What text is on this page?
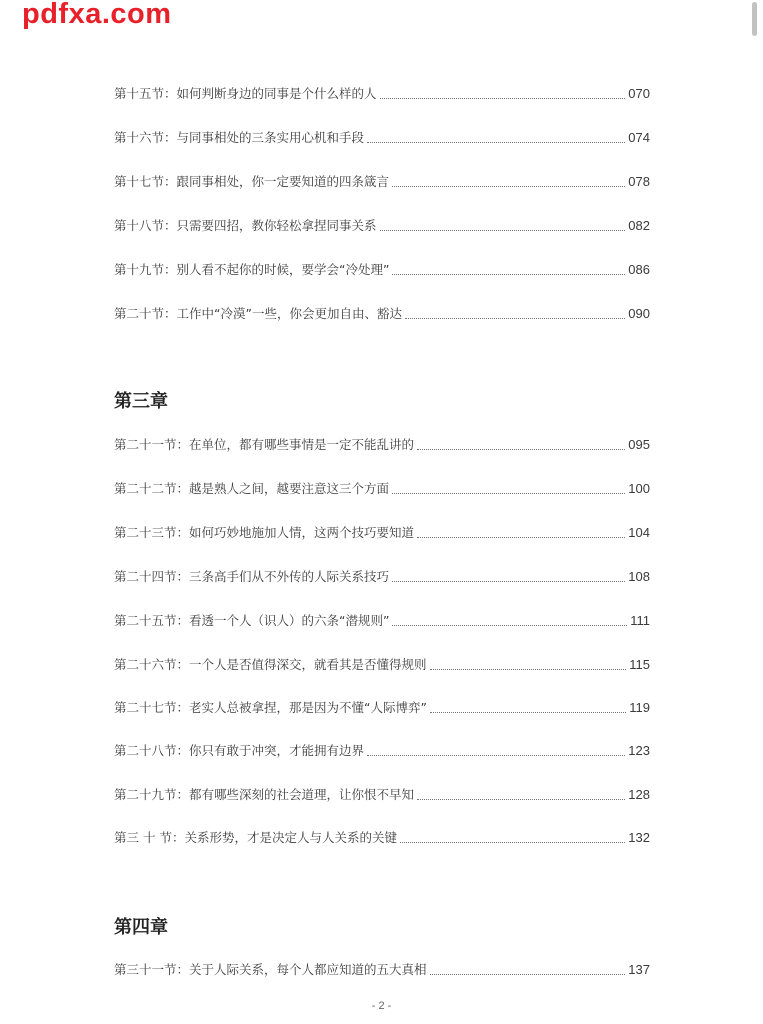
pdfxa.com
第十五节 ： 如何判断身边的同事是个什么样的人	070
第十六节 ： 与同事相处的三条实用心机和手段	074
第十七节 ： 跟同事相处，你一定要知道的四条箴言	078
第十八节 ： 只需要四招，教你轻松拿捏同事关系	082
第十九节 ： 别人看不起你的时候，要学会“冷处理”	086
第二十节 ： 工作中“冷漠”一些，你会更加自由、豁达	090
第三章
第二十一节 ： 在单位，都有哪些事情是一定不能乱讲的	095
第二十二节 ： 越是熟人之间，越要注意这三个方面	100
第二十三节 ： 如何巧妙地施加人情，这两个技巧要知道	104
第二十四节 ： 三条高手们从不外传的人际关系技巧	108
第二十五节 ： 看透一个人（识人）的六条“潜规则”	111
第二十六节 ： 一个人是否值得深交，就看其是否懂得规则	115
第二十七节 ： 老实人总被拿捏，那是因为不懂“人际博弈”	119
第二十八节 ： 你只有敢于冲突，才能拥有边界	123
第二十九节 ： 都有哪些深刻的社会道理，让你恨不早知	128
第三 十 节 ： 关系形势，才是决定人与人关系的关键	132
第四章
第三十一节 ： 关于人际关系，每个人都应知道的五大真相	137
- 2 -
